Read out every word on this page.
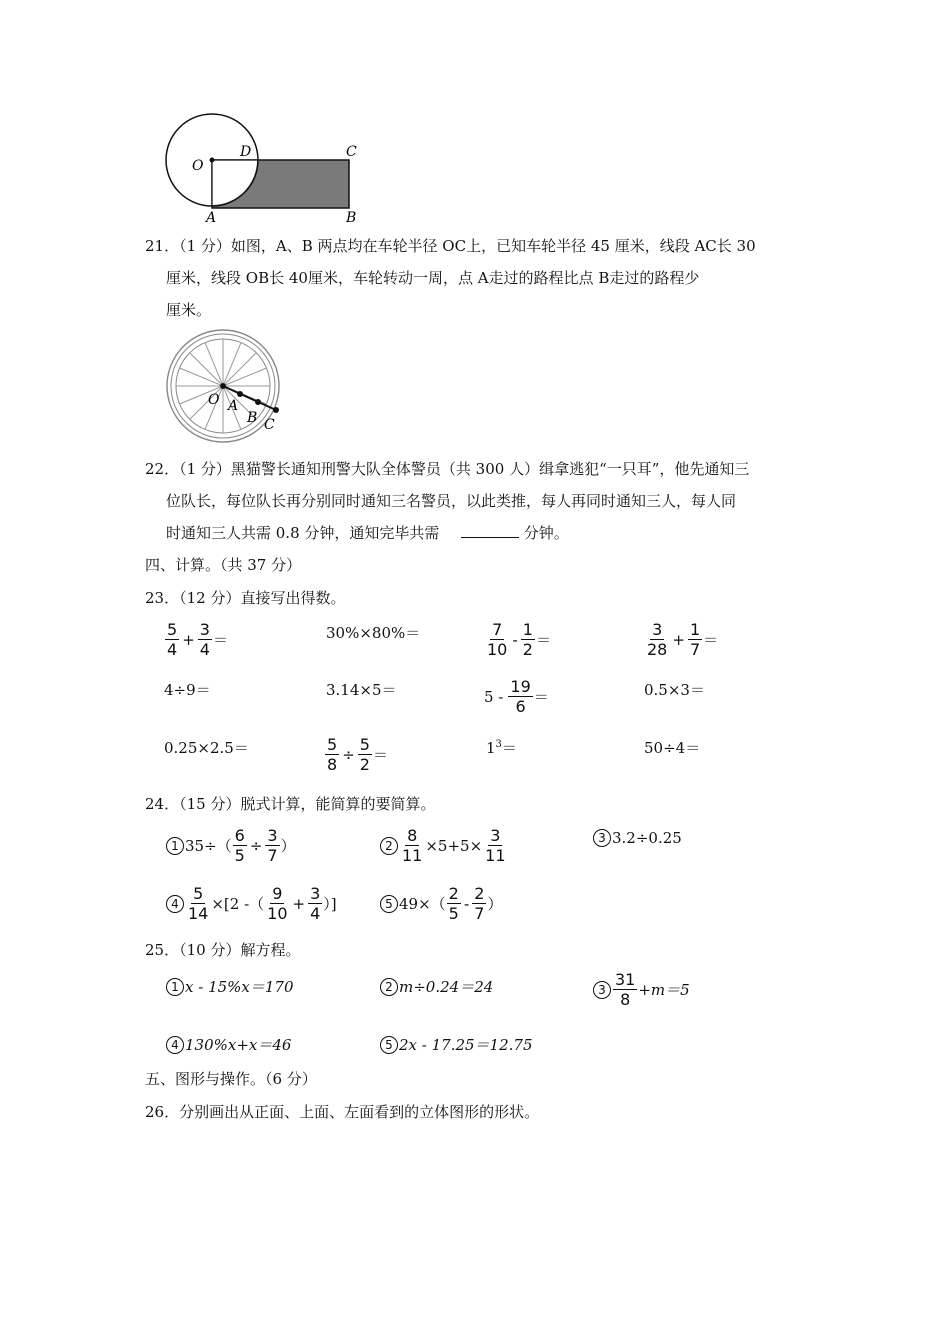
O
D	C
A	B
21．（1 分）如图，A、B 两点均在车轮半径 OC上，已知车轮半径 45 厘米，线段 AC长 30
厘米，线段 OB长 40厘米，车轮转动一周，点 A走过的路程比点 B走过的路程少
厘米。
O A
B C
22．（1 分）黑猫警长通知刑警大队全体警员（共 300 人）缉拿逃犯“一只耳”，他先通知三
位队长，每位队长再分别同时通知三名警员，以此类推，每人再同时通知三人，每人同
时通知三人共需 0.8 分钟，通知完毕共需	分钟。
四、计算。（共 37 分）
23．（12 分）直接写出得数。
$\frac{5}{4} + \frac{3}{4}$ ＝	30%×80%＝	$\frac{7}{10} - \frac{1}{2}$ ＝	$\frac{3}{28} + \frac{1}{7}$ ＝
4÷9＝	3.14×5＝	$5 - \frac{19}{6}$ ＝	0.5×3＝
0.25×2.5＝	$\frac{5}{8} \div \frac{5}{2}$ ＝	$1^3$ ＝	50÷4＝
24．（15 分）脱式计算，能简算的要简算。
1 $35\div( \frac{6}{5} \div \frac{3}{7}$ ）	$2 \frac{8}{11} \times 5+5\times \frac{3}{11}$	3 3.2÷0.25
$4 \frac{5}{14} \times[2$ -（ $\frac{9}{10} + \frac{3}{4}$ ）]	5 $49\times( \frac{2}{5} - \frac{2}{7}$ ）
25．（10 分）解方程。
1 x - 15%x＝170	2 m÷0.24＝24	$3 \frac{31}{8} +m=5$
4 130%x+x＝46	5 2x - 17.25＝12.75
五、图形与操作。（6 分）
26．分别画出从正面、上面、左面看到的立体图形的形状。
